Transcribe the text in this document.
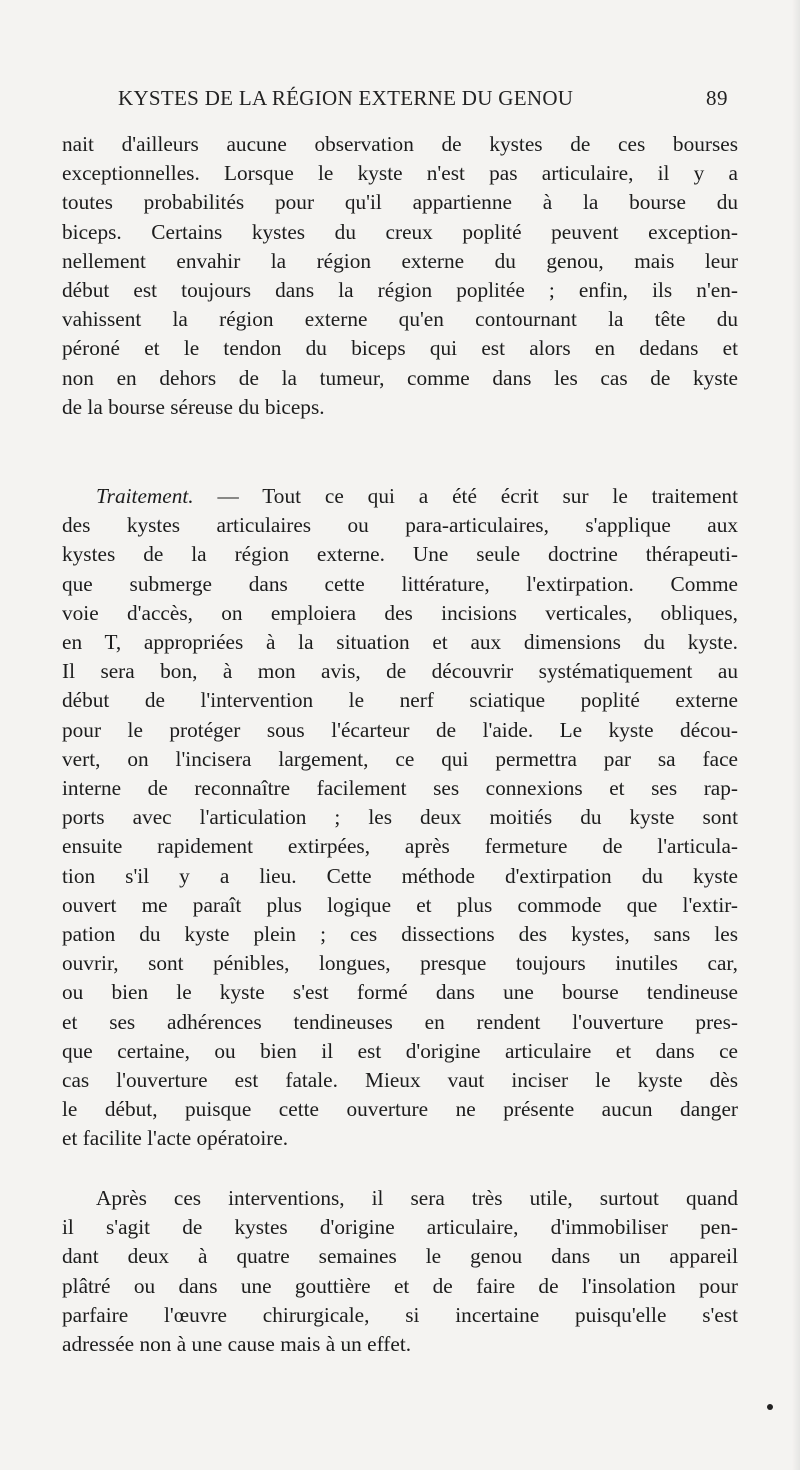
KYSTES DE LA RÉGION EXTERNE DU GENOU	89
nait d'ailleurs aucune observation de kystes de ces bourses
exceptionnelles. Lorsque le kyste n'est pas articulaire, il y a
toutes probabilités pour qu'il appartienne à la bourse du
biceps. Certains kystes du creux poplité peuvent exception-
nellement envahir la région externe du genou, mais leur
début est toujours dans la région poplitée ; enfin, ils n'en-
vahissent la région externe qu'en contournant la tête du
péroné et le tendon du biceps qui est alors en dedans et
non en dehors de la tumeur, comme dans les cas de kyste
de la bourse séreuse du biceps.
Traitement. — Tout ce qui a été écrit sur le traitement
des kystes articulaires ou para-articulaires, s'applique aux
kystes de la région externe. Une seule doctrine thérapeuti-
que submerge dans cette littérature, l'extirpation. Comme
voie d'accès, on emploiera des incisions verticales, obliques,
en T, appropriées à la situation et aux dimensions du kyste.
Il sera bon, à mon avis, de découvrir systématiquement au
début de l'intervention le nerf sciatique poplité externe
pour le protéger sous l'écarteur de l'aide. Le kyste décou-
vert, on l'incisera largement, ce qui permettra par sa face
interne de reconnaître facilement ses connexions et ses rap-
ports avec l'articulation ; les deux moitiés du kyste sont
ensuite rapidement extirpées, après fermeture de l'articula-
tion s'il y a lieu. Cette méthode d'extirpation du kyste
ouvert me paraît plus logique et plus commode que l'extir-
pation du kyste plein ; ces dissections des kystes, sans les
ouvrir, sont pénibles, longues, presque toujours inutiles car,
ou bien le kyste s'est formé dans une bourse tendineuse
et ses adhérences tendineuses en rendent l'ouverture pres-
que certaine, ou bien il est d'origine articulaire et dans ce
cas l'ouverture est fatale. Mieux vaut inciser le kyste dès
le début, puisque cette ouverture ne présente aucun danger
et facilite l'acte opératoire.
Après ces interventions, il sera très utile, surtout quand
il s'agit de kystes d'origine articulaire, d'immobiliser pen-
dant deux à quatre semaines le genou dans un appareil
plâtré ou dans une gouttière et de faire de l'insolation pour
parfaire l'œuvre chirurgicale, si incertaine puisqu'elle s'est
adressée non à une cause mais à un effet.
